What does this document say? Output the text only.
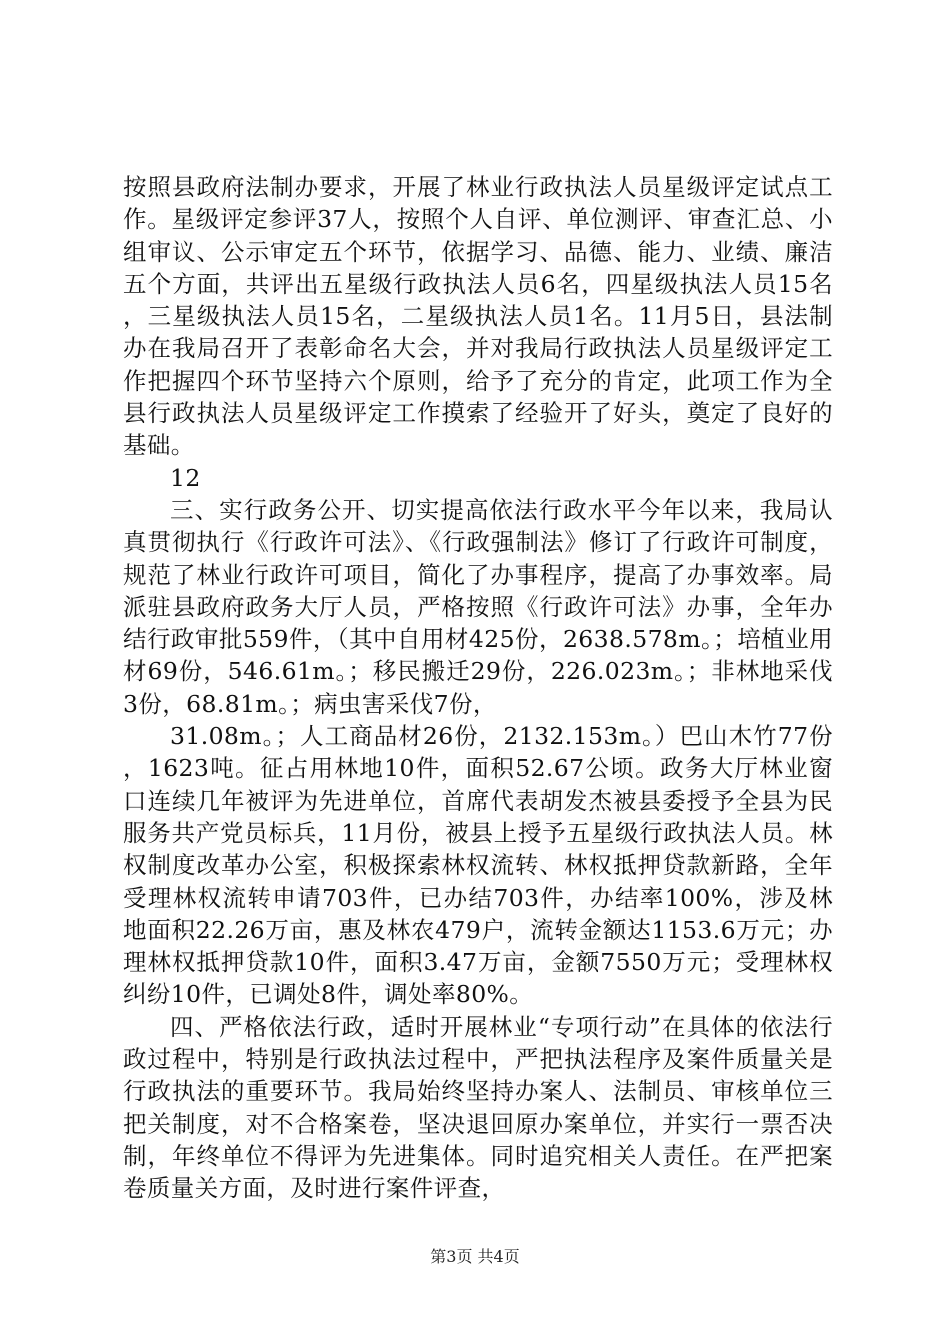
按照县政府法制办要求，开展了林业行政执法人员星级评定试点工作。星级评定参评37人，按照个人自评、单位测评、审查汇总、小组审议、公示审定五个环节，依据学习、品德、能力、业绩、廉洁五个方面，共评出五星级行政执法人员6名，四星级执法人员15名，三星级执法人员15名，二星级执法人员1名。11月5日，县法制办在我局召开了表彰命名大会，并对我局行政执法人员星级评定工作把握四个环节坚持六个原则，给予了充分的肯定，此项工作为全县行政执法人员星级评定工作摸索了经验开了好头，奠定了良好的基础。

12

三、实行政务公开、切实提高依法行政水平今年以来，我局认真贯彻执行《行政许可法》、《行政强制法》修订了行政许可制度，规范了林业行政许可项目，简化了办事程序，提高了办事效率。局派驻县政府政务大厅人员，严格按照《行政许可法》办事，全年办结行政审批559件，（其中自用材425份，2638.578m。；培植业用材69份，546.61m。；移民搬迁29份，226.023m。；非林地采伐3份，68.81m。；病虫害采伐7份，

31.08m。；人工商品材26份，2132.153m。）巴山木竹77份，1623吨。征占用林地10件，面积52.67公顷。政务大厅林业窗口连续几年被评为先进单位，首席代表胡发杰被县委授予全县为民服务共产党员标兵，11月份，被县上授予五星级行政执法人员。林权制度改革办公室，积极探索林权流转、林权抵押贷款新路，全年受理林权流转申请703件，已办结703件，办结率100%，涉及林地面积22.26万亩，惠及林农479户，流转金额达1153.6万元；办理林权抵押贷款10件，面积3.47万亩，金额7550万元；受理林权纠纷10件，已调处8件，调处率80%。

四、严格依法行政，适时开展林业“专项行动”在具体的依法行政过程中，特别是行政执法过程中，严把执法程序及案件质量关是行政执法的重要环节。我局始终坚持办案人、法制员、审核单位三把关制度，对不合格案卷，坚决退回原办案单位，并实行一票否决制，年终单位不得评为先进集体。同时追究相关人责任。在严把案卷质量关方面，及时进行案件评查，

第3页 共4页
